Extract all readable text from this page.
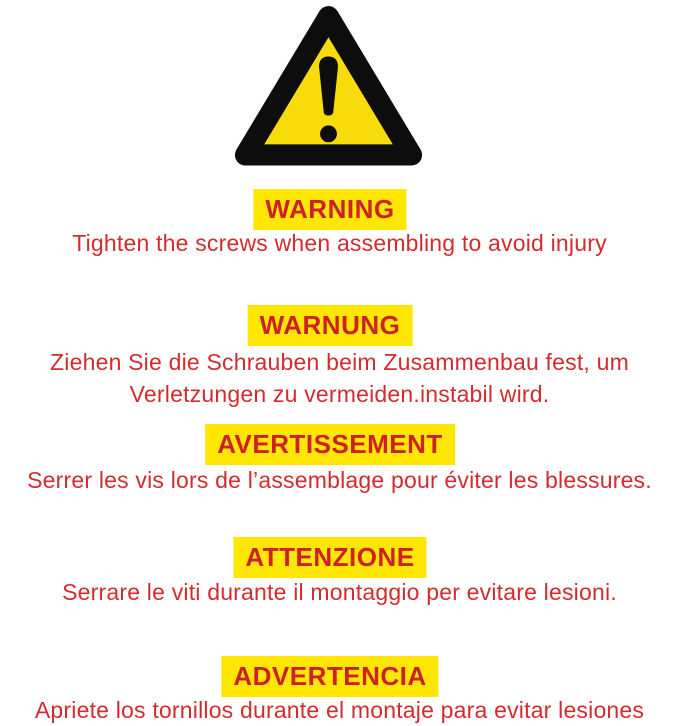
WARNING
Tighten the screws when assembling to avoid injury
WARNUNG
Ziehen Sie die Schrauben beim Zusammenbau fest, um
Verletzungen zu vermeiden.instabil wird.
AVERTISSEMENT
Serrer les vis lors de l’assemblage pour éviter les blessures.
ATTENZIONE
Serrare le viti durante il montaggio per evitare lesioni.
ADVERTENCIA
Apriete los tornillos durante el montaje para evitar lesiones
